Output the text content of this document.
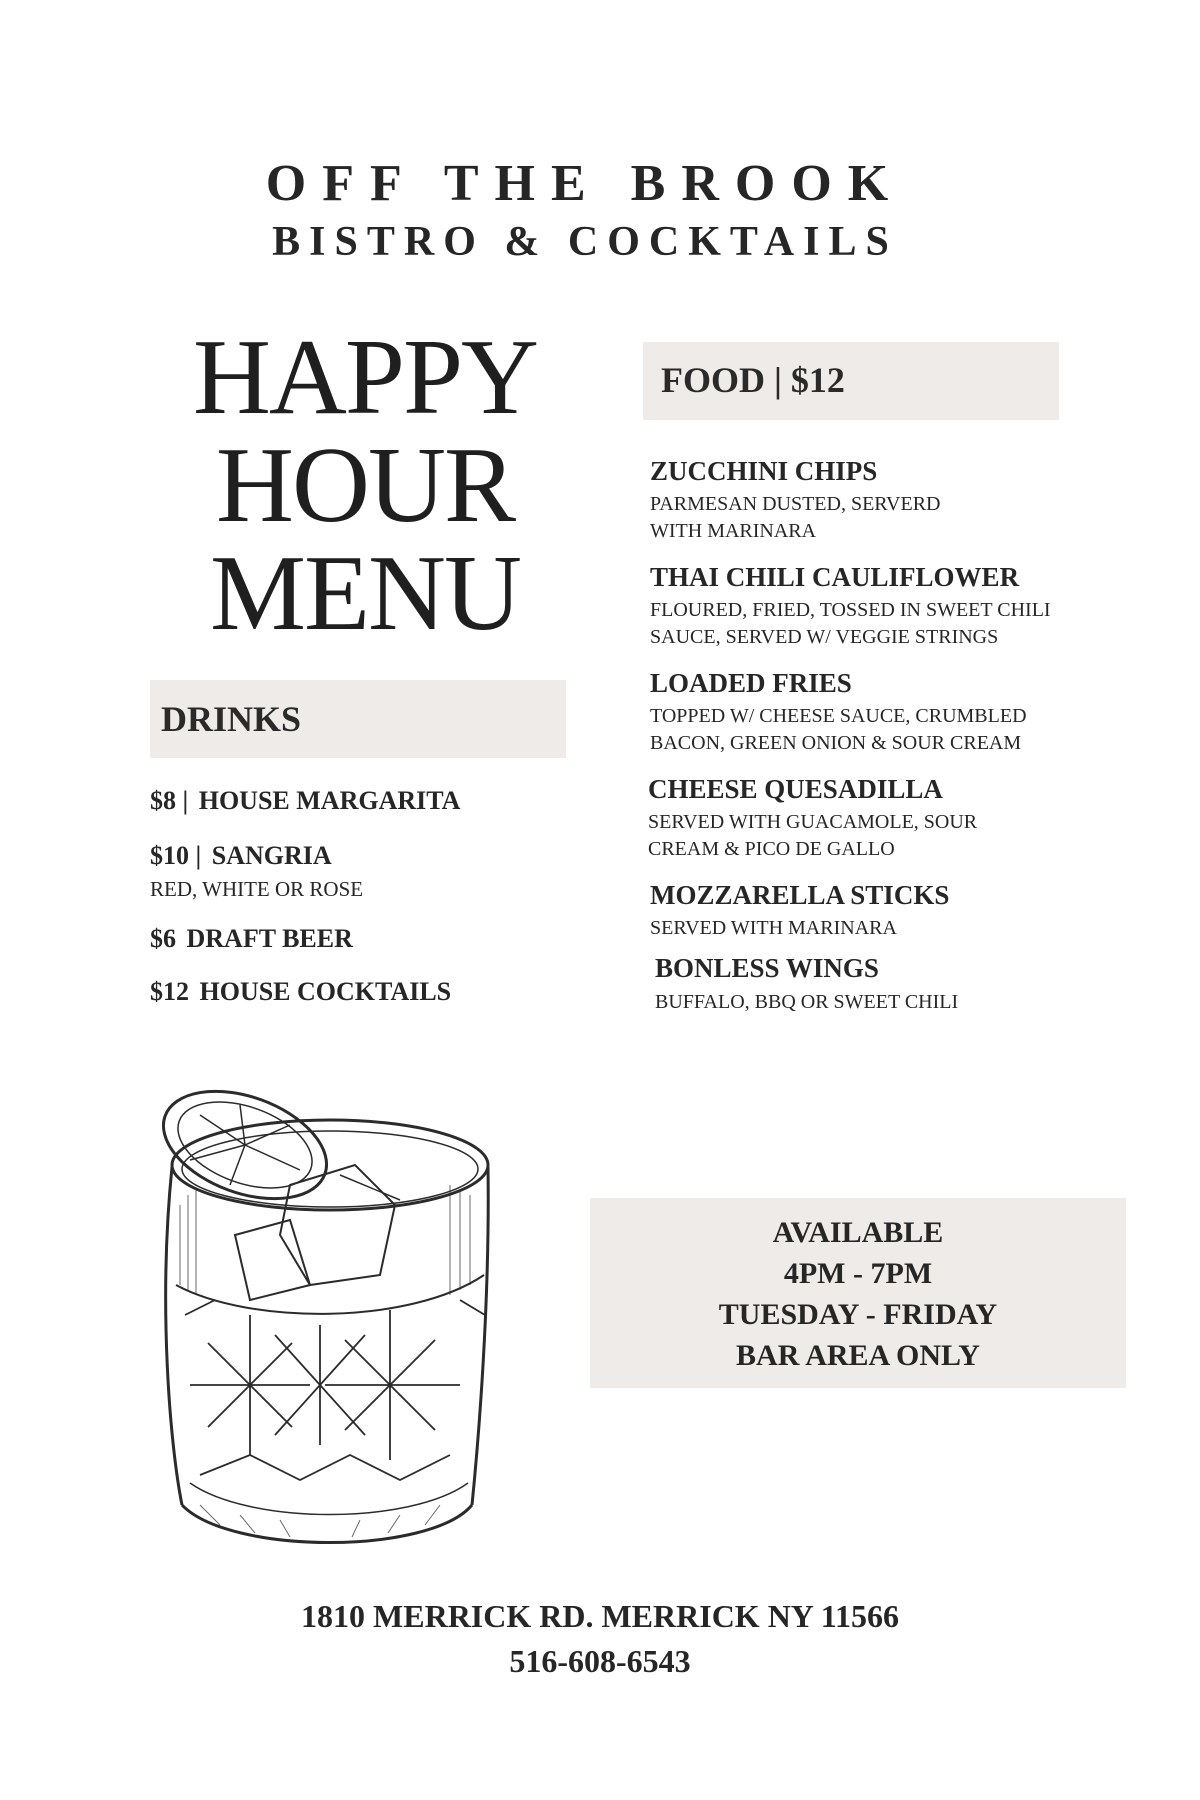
OFF THE BROOK
BISTRO & COCKTAILS
HAPPY
HOUR
MENU
DRINKS
$8 | HOUSE MARGARITA
$10 | SANGRIA
RED, WHITE OR ROSE
$6 DRAFT BEER
$12 HOUSE COCKTAILS
FOOD | $12
ZUCCHINI CHIPS
PARMESAN DUSTED, SERVERD
WITH MARINARA
THAI CHILI CAULIFLOWER
FLOURED, FRIED, TOSSED IN SWEET CHILI
SAUCE, SERVED W/ VEGGIE STRINGS
LOADED FRIES
TOPPED W/ CHEESE SAUCE, CRUMBLED
BACON, GREEN ONION & SOUR CREAM
CHEESE QUESADILLA
SERVED WITH GUACAMOLE, SOUR
CREAM & PICO DE GALLO
MOZZARELLA STICKS
SERVED WITH MARINARA
BONLESS WINGS
BUFFALO, BBQ OR SWEET CHILI
AVAILABLE
4PM - 7PM
TUESDAY - FRIDAY
BAR AREA ONLY
1810 MERRICK RD. MERRICK NY 11566
516-608-6543
